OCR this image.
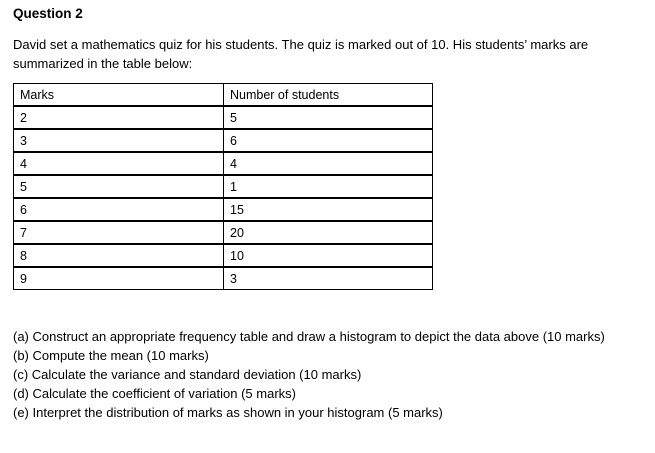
Question 2
David set a mathematics quiz for his students. The quiz is marked out of 10. His students’ marks are summarized in the table below:
Marks	Number of students
2	5
3	6
4	4
5	1
6	15
7	20
8	10
9	3
(a) Construct an appropriate frequency table and draw a histogram to depict the data above (10 marks)
(b) Compute the mean (10 marks)
(c) Calculate the variance and standard deviation (10 marks)
(d) Calculate the coefficient of variation (5 marks)
(e) Interpret the distribution of marks as shown in your histogram (5 marks)
